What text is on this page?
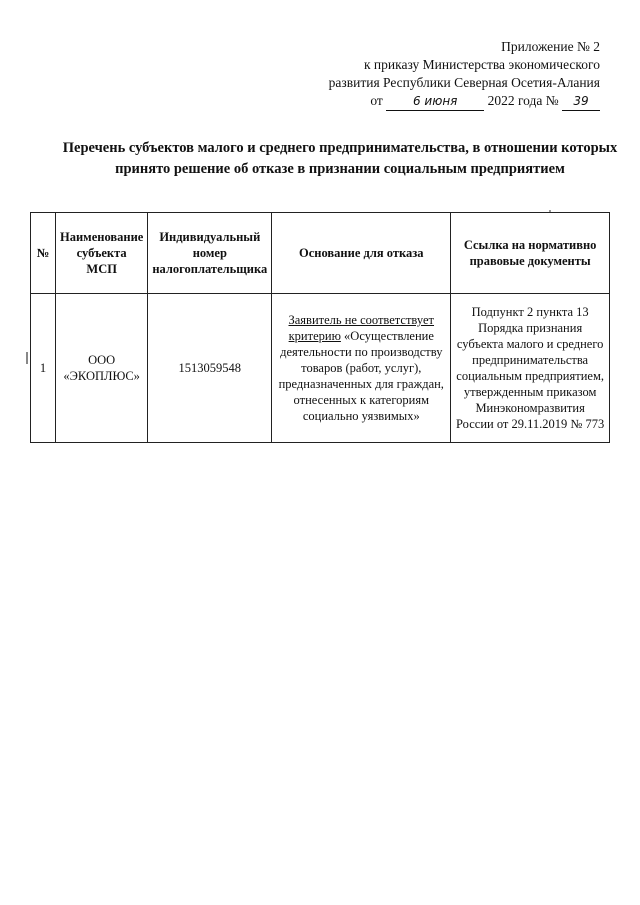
Приложение № 2
к приказу Министерства экономического
развития Республики Северная Осетия-Алания
от	6 июня 2022 года № 39
Перечень субъектов малого и среднего предпринимательства, в отношении которых принято решение об отказе в признании социальным предприятием
№	Наименование субъекта МСП	Индивидуальный номер налогоплательщика	Основание для отказа	Ссылка на нормативно правовые документы
1	ООО «ЭКОПЛЮС»	1513059548	Заявитель не соответствует критерию «Осуществление деятельности по производству товаров (работ, услуг), предназначенных для граждан, отнесенных к категориям социально уязвимых»	Подпункт 2 пункта 13 Порядка признания субъекта малого и среднего предпринимательства социальным предприятием, утвержденным приказом Минэкономразвития России от 29.11.2019 № 773
